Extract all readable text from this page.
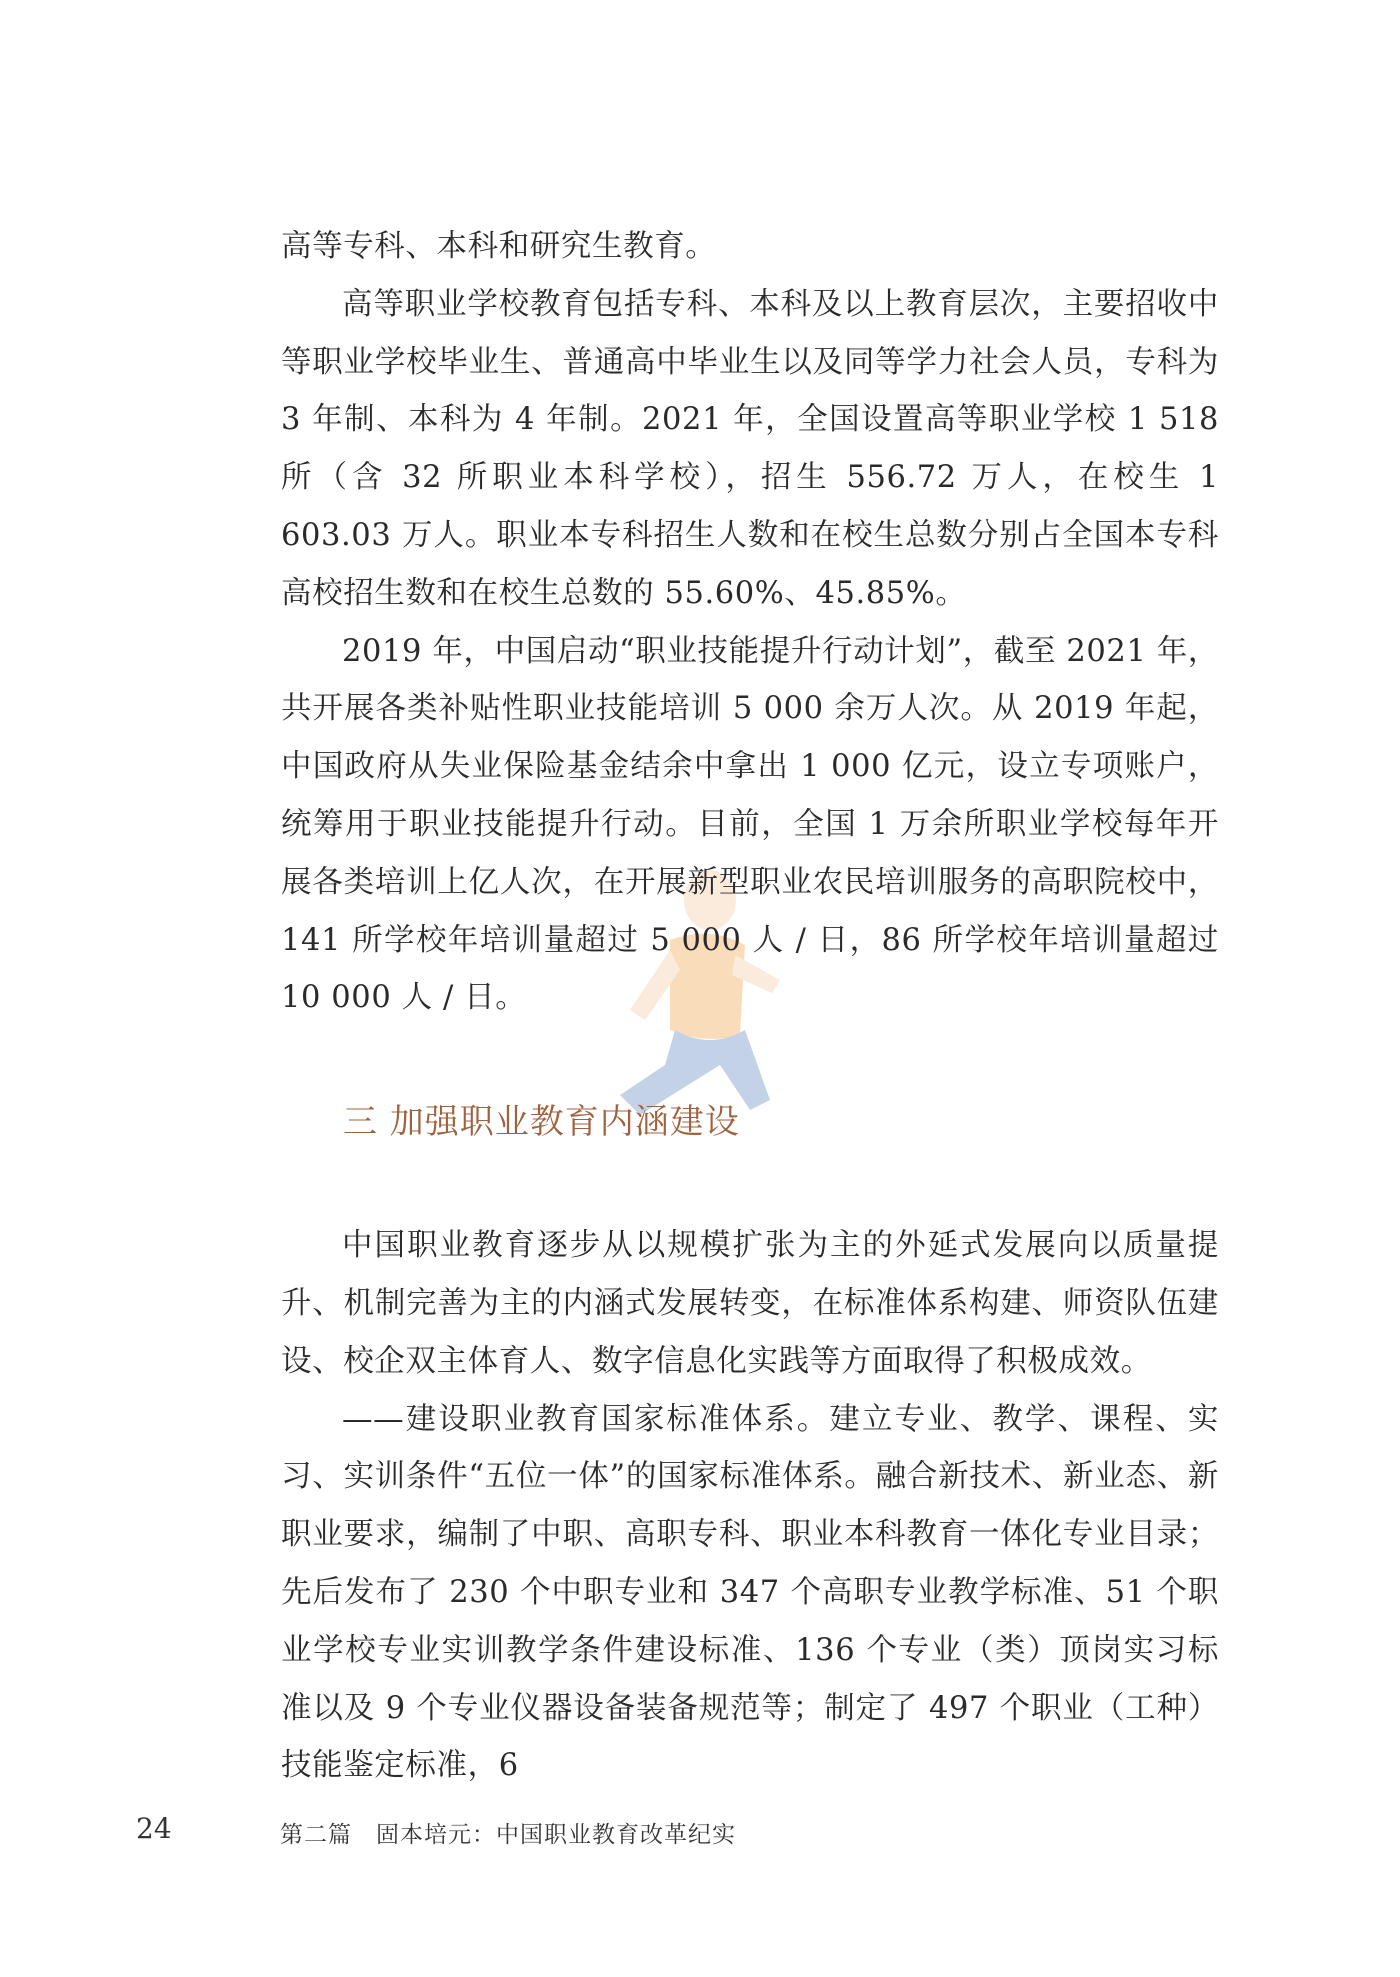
高等专科、本科和研究生教育。

高等职业学校教育包括专科、本科及以上教育层次，主要招收中等职业学校毕业生、普通高中毕业生以及同等学力社会人员，专科为 3 年制、本科为 4 年制。2021 年，全国设置高等职业学校 1 518 所（含 32 所职业本科学校），招生 556.72 万人，在校生 1 603.03 万人。职业本专科招生人数和在校生总数分别占全国本专科高校招生数和在校生总数的 55.60%、45.85%。

2019 年，中国启动“职业技能提升行动计划”，截至 2021 年，共开展各类补贴性职业技能培训 5 000 余万人次。从 2019 年起，中国政府从失业保险基金结余中拿出 1 000 亿元，设立专项账户，统筹用于职业技能提升行动。目前，全国 1 万余所职业学校每年开展各类培训上亿人次，在开展新型职业农民培训服务的高职院校中，141 所学校年培训量超过 5 000 人 / 日，86 所学校年培训量超过 10 000 人 / 日。

三 加强职业教育内涵建设

中国职业教育逐步从以规模扩张为主的外延式发展向以质量提升、机制完善为主的内涵式发展转变，在标准体系构建、师资队伍建设、校企双主体育人、数字信息化实践等方面取得了积极成效。

——建设职业教育国家标准体系。建立专业、教学、课程、实习、实训条件“五位一体”的国家标准体系。融合新技术、新业态、新职业要求，编制了中职、高职专科、职业本科教育一体化专业目录；先后发布了 230 个中职专业和 347 个高职专业教学标准、51 个职业学校专业实训教学条件建设标准、136 个专业（类）顶岗实习标准以及 9 个专业仪器设备装备规范等；制定了 497 个职业（工种）技能鉴定标准，6

24	第二篇　固本培元：中国职业教育改革纪实
